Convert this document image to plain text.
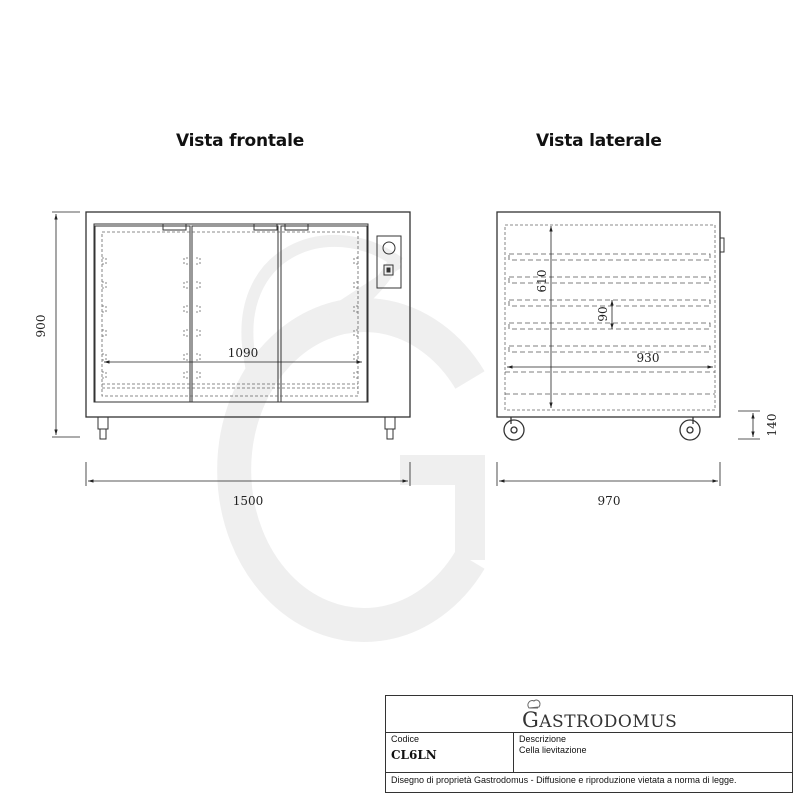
Vista frontale	Vista laterale
900
1090
1500
610
90
930
140
970
GASTRODOMUS
Codice
CL6LN
Descrizione
Cella lievitazione
Disegno di proprietà Gastrodomus - Diffusione e riproduzione vietata a norma di legge.
